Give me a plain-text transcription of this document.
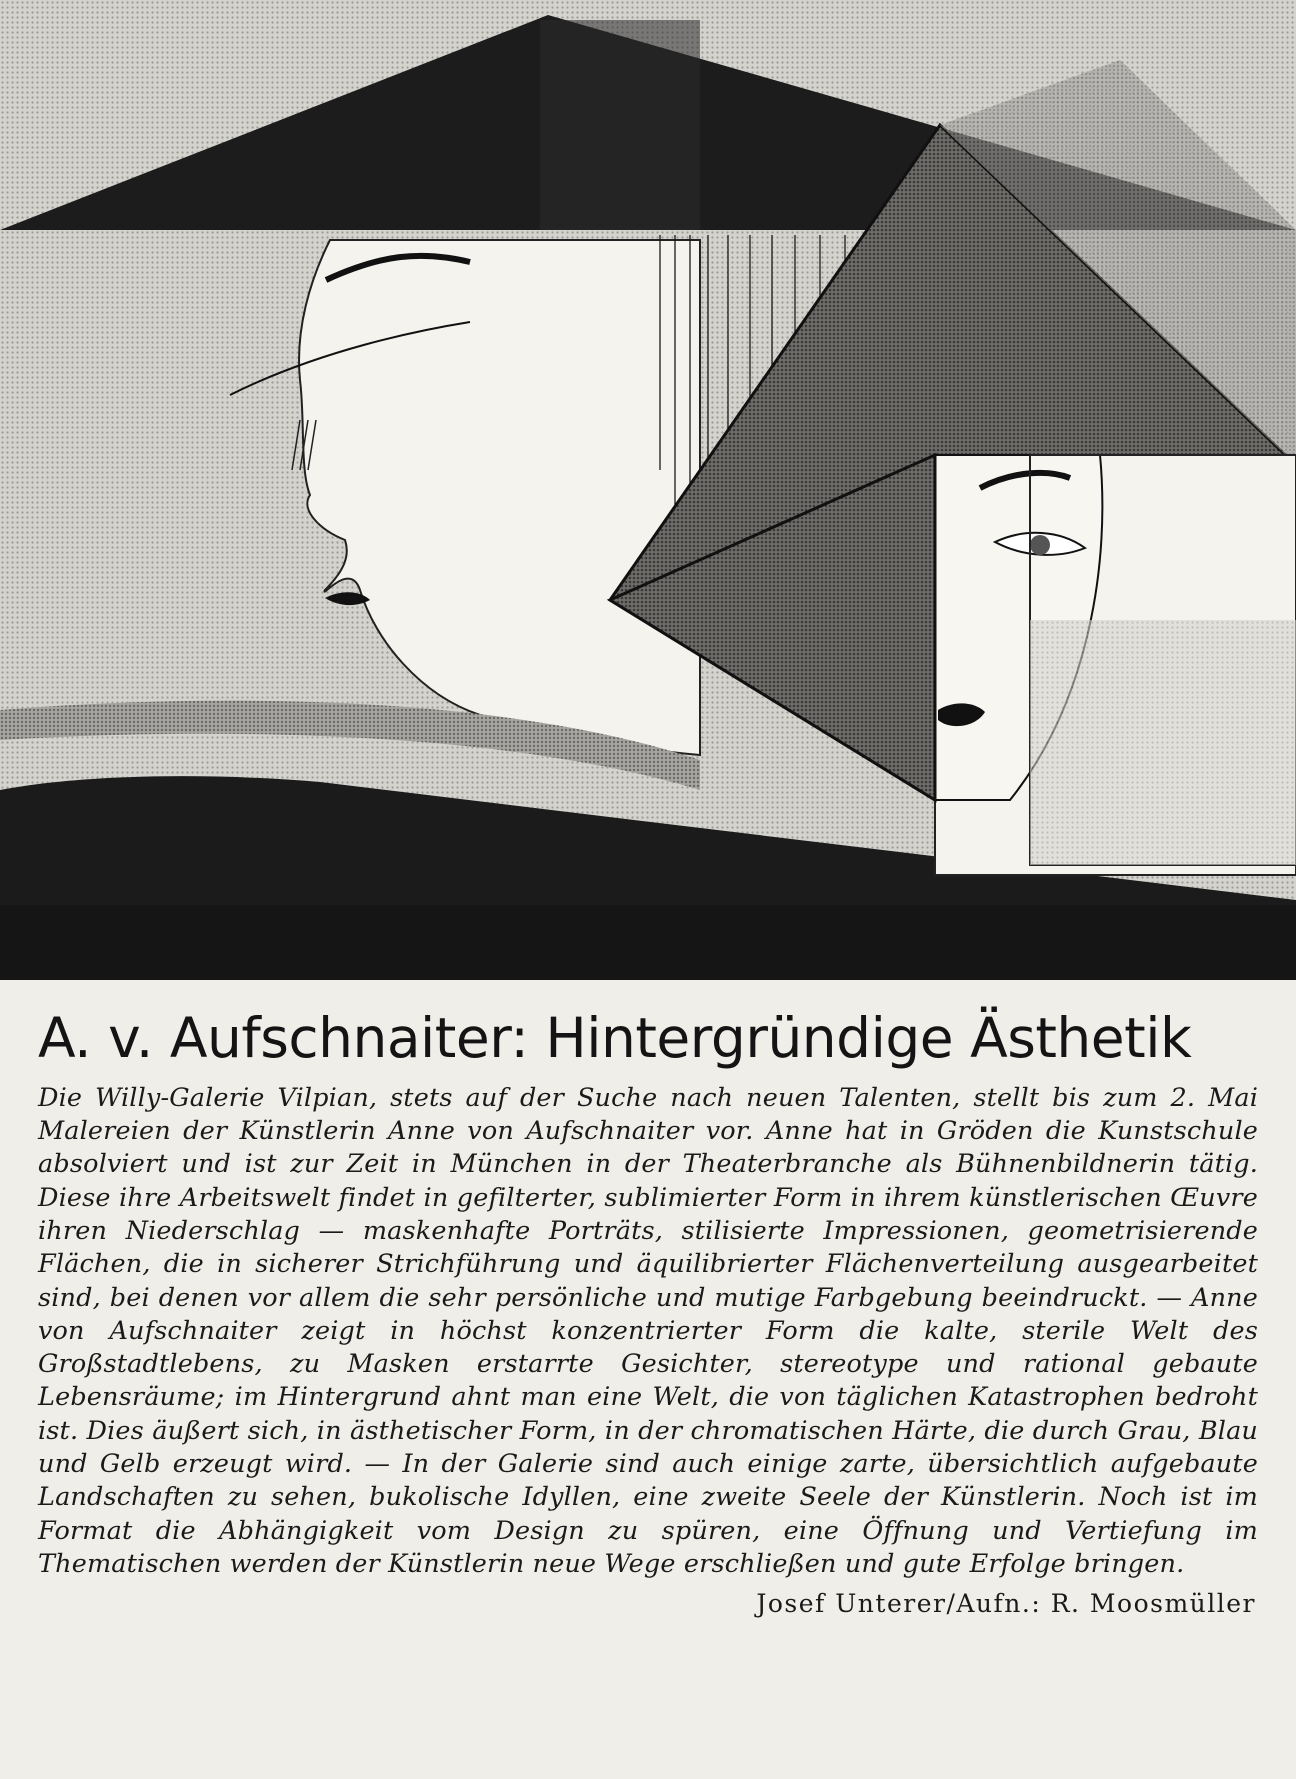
A. v. Aufschnaiter: Hintergründige Ästhetik

Die Willy-Galerie Vilpian, stets auf der Suche nach neuen Talenten, stellt bis zum 2. Mai Malereien der Künstlerin Anne von Aufschnaiter vor. Anne hat in Gröden die Kunstschule absolviert und ist zur Zeit in München in der Theaterbranche als Bühnenbildnerin tätig. Diese ihre Arbeitswelt findet in gefilterter, sublimierter Form in ihrem künstlerischen Œuvre ihren Niederschlag — maskenhafte Porträts, stilisierte Impressionen, geometrisierende Flächen, die in sicherer Strichführung und äquilibrierter Flächenverteilung ausgearbeitet sind, bei denen vor allem die sehr persönliche und mutige Farbgebung beeindruckt. — Anne von Aufschnaiter zeigt in höchst konzentrierter Form die kalte, sterile Welt des Großstadtlebens, zu Masken erstarrte Gesichter, stereotype und rational gebaute Lebensräume; im Hintergrund ahnt man eine Welt, die von täglichen Katastrophen bedroht ist. Dies äußert sich, in ästhetischer Form, in der chromatischen Härte, die durch Grau, Blau und Gelb erzeugt wird. — In der Galerie sind auch einige zarte, übersichtlich aufgebaute Landschaften zu sehen, bukolische Idyllen, eine zweite Seele der Künstlerin. Noch ist im Format die Abhängigkeit vom Design zu spüren, eine Öffnung und Vertiefung im Thematischen werden der Künstlerin neue Wege erschließen und gute Erfolge bringen.

Josef Unterer/Aufn.: R. Moosmüller
